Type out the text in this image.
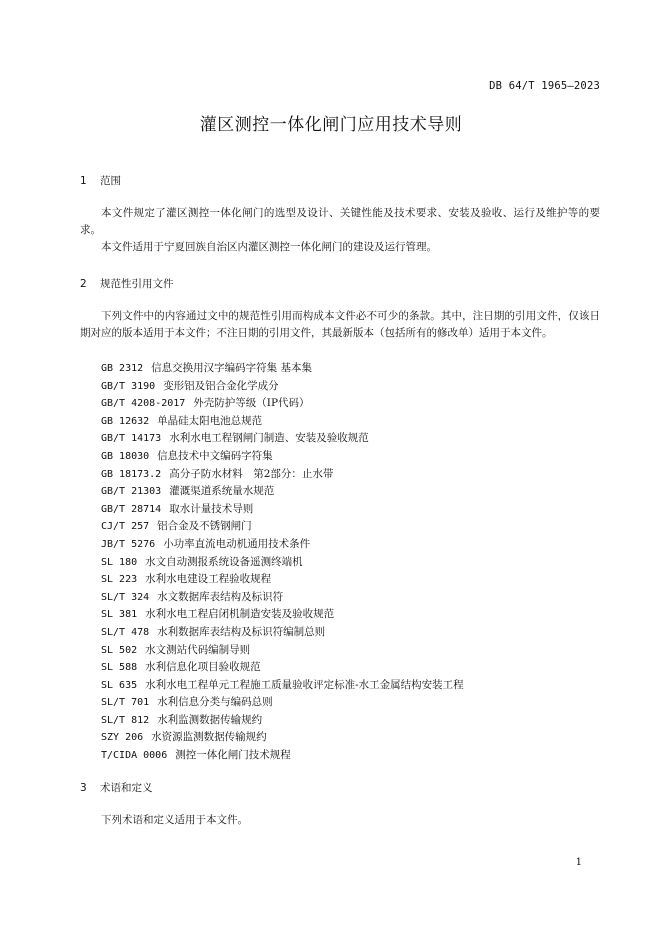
DB 64/T 1965—2023
灌区测控一体化闸门应用技术导则
1 范围

本文件规定了灌区测控一体化闸门的选型及设计、关键性能及技术要求、安装及验收、运行及维护等的要求。

本文件适用于宁夏回族自治区内灌区测控一体化闸门的建设及运行管理。

2 规范性引用文件

下列文件中的内容通过文中的规范性引用而构成本文件必不可少的条款。其中，注日期的引用文件，仅该日期对应的版本适用于本文件；不注日期的引用文件，其最新版本（包括所有的修改单）适用于本文件。

GB 2312 信息交换用汉字编码字符集 基本集
GB/T 3190 变形铝及铝合金化学成分
GB/T 4208-2017 外壳防护等级（IP代码）
GB 12632 单晶硅太阳电池总规范
GB/T 14173 水利水电工程钢闸门制造、安装及验收规范
GB 18030 信息技术中文编码字符集
GB 18173.2 高分子防水材料　第2部分：止水带
GB/T 21303 灌溉渠道系统量水规范
GB/T 28714 取水计量技术导则
CJ/T 257 铝合金及不锈钢闸门
JB/T 5276 小功率直流电动机通用技术条件
SL 180 水文自动测报系统设备遥测终端机
SL 223 水利水电建设工程验收规程
SL/T 324 水文数据库表结构及标识符
SL 381 水利水电工程启闭机制造安装及验收规范
SL/T 478 水利数据库表结构及标识符编制总则
SL 502 水文测站代码编制导则
SL 588 水利信息化项目验收规范
SL 635 水利水电工程单元工程施工质量验收评定标准-水工金属结构安装工程
SL/T 701 水利信息分类与编码总则
SL/T 812 水利监测数据传输规约
SZY 206 水资源监测数据传输规约
T/CIDA 0006 测控一体化闸门技术规程
3 术语和定义

下列术语和定义适用于本文件。

1
